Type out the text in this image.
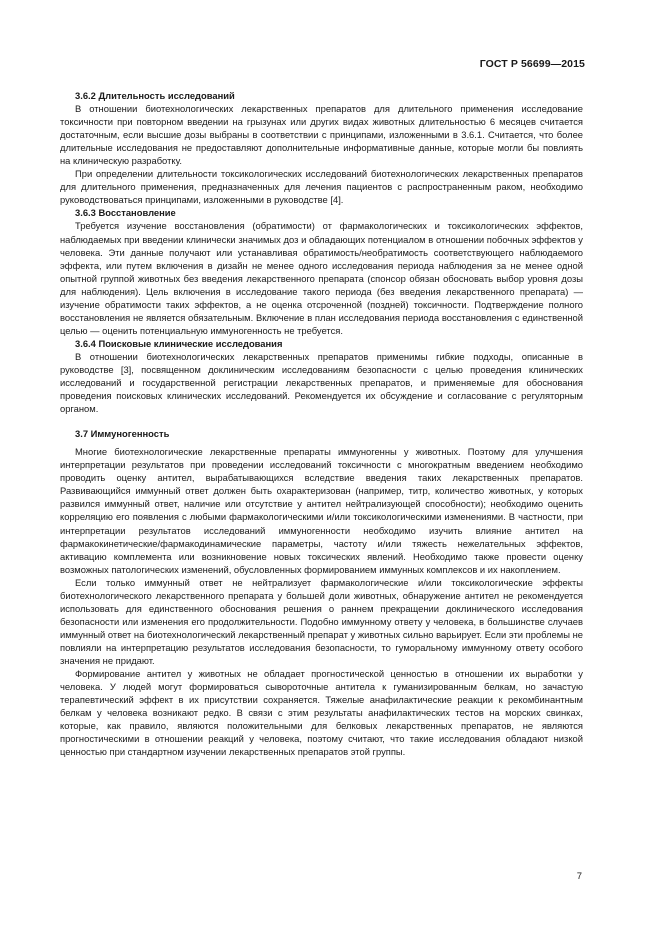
ГОСТ Р 56699—2015
3.6.2 Длительность исследований

В отношении биотехнологических лекарственных препаратов для длительного применения исследование токсичности при повторном введении на грызунах или других видах животных длительностью 6 месяцев считается достаточным, если высшие дозы выбраны в соответствии с принципами, изложенными в 3.6.1. Считается, что более длительные исследования не предоставляют дополнительные информативные данные, которые могли бы повлиять на клиническую разработку.

При определении длительности токсикологических исследований биотехнологических лекарственных препаратов для длительного применения, предназначенных для лечения пациентов с распространенным раком, необходимо руководствоваться принципами, изложенными в руководстве [4].

3.6.3 Восстановление

Требуется изучение восстановления (обратимости) от фармакологических и токсикологических эффектов, наблюдаемых при введении клинически значимых доз и обладающих потенциалом в отношении побочных эффектов у человека. Эти данные получают или устанавливая обратимость/необратимость соответствующего наблюдаемого эффекта, или путем включения в дизайн не менее одного исследования периода наблюдения за не менее одной опытной группой животных без введения лекарственного препарата (спонсор обязан обосновать выбор уровня дозы для наблюдения). Цель включения в исследование такого периода (без введения лекарственного препарата) — изучение обратимости таких эффектов, а не оценка отсроченной (поздней) токсичности. Подтверждение полного восстановления не является обязательным. Включение в план исследования периода восстановления с единственной целью — оценить потенциальную иммуногенность не требуется.

3.6.4 Поисковые клинические исследования

В отношении биотехнологических лекарственных препаратов применимы гибкие подходы, описанные в руководстве [3], посвященном доклиническим исследованиям безопасности с целью проведения клинических исследований и государственной регистрации лекарственных препаратов, и применяемые для обоснования проведения поисковых клинических исследований. Рекомендуется их обсуждение и согласование с регуляторным органом.

3.7 Иммуногенность

Многие биотехнологические лекарственные препараты иммуногенны у животных. Поэтому для улучшения интерпретации результатов при проведении исследований токсичности с многократным введением необходимо проводить оценку антител, вырабатывающихся вследствие введения таких лекарственных препаратов. Развивающийся иммунный ответ должен быть охарактеризован (например, титр, количество животных, у которых развился иммунный ответ, наличие или отсутствие у антител нейтрализующей способности); необходимо оценить корреляцию его появления с любыми фармакологическими и/или токсикологическими изменениями. В частности, при интерпретации результатов исследований иммуногенности необходимо изучить влияние антител на фармакокинетические/фармакодинамические параметры, частоту и/или тяжесть нежелательных эффектов, активацию комплемента или возникновение новых токсических явлений. Необходимо также провести оценку возможных патологических изменений, обусловленных формированием иммунных комплексов и их накоплением.

Если только иммунный ответ не нейтрализует фармакологические и/или токсикологические эффекты биотехнологического лекарственного препарата у большей доли животных, обнаружение антител не рекомендуется использовать для единственного обоснования решения о раннем прекращении доклинического исследования безопасности или изменения его продолжительности. Подобно иммунному ответу у человека, в большинстве случаев иммунный ответ на биотехнологический лекарственный препарат у животных сильно варьирует. Если эти проблемы не повлияли на интерпретацию результатов исследования безопасности, то гуморальному иммунному ответу особого значения не придают.

Формирование антител у животных не обладает прогностической ценностью в отношении их выработки у человека. У людей могут формироваться сывороточные антитела к гуманизированным белкам, но зачастую терапевтический эффект в их присутствии сохраняется. Тяжелые анафилактические реакции к рекомбинантным белкам у человека возникают редко. В связи с этим результаты анафилактических тестов на морских свинках, которые, как правило, являются положительными для белковых лекарственных препаратов, не являются прогностическими в отношении реакций у человека, поэтому считают, что такие исследования обладают низкой ценностью при стандартном изучении лекарственных препаратов этой группы.

7
